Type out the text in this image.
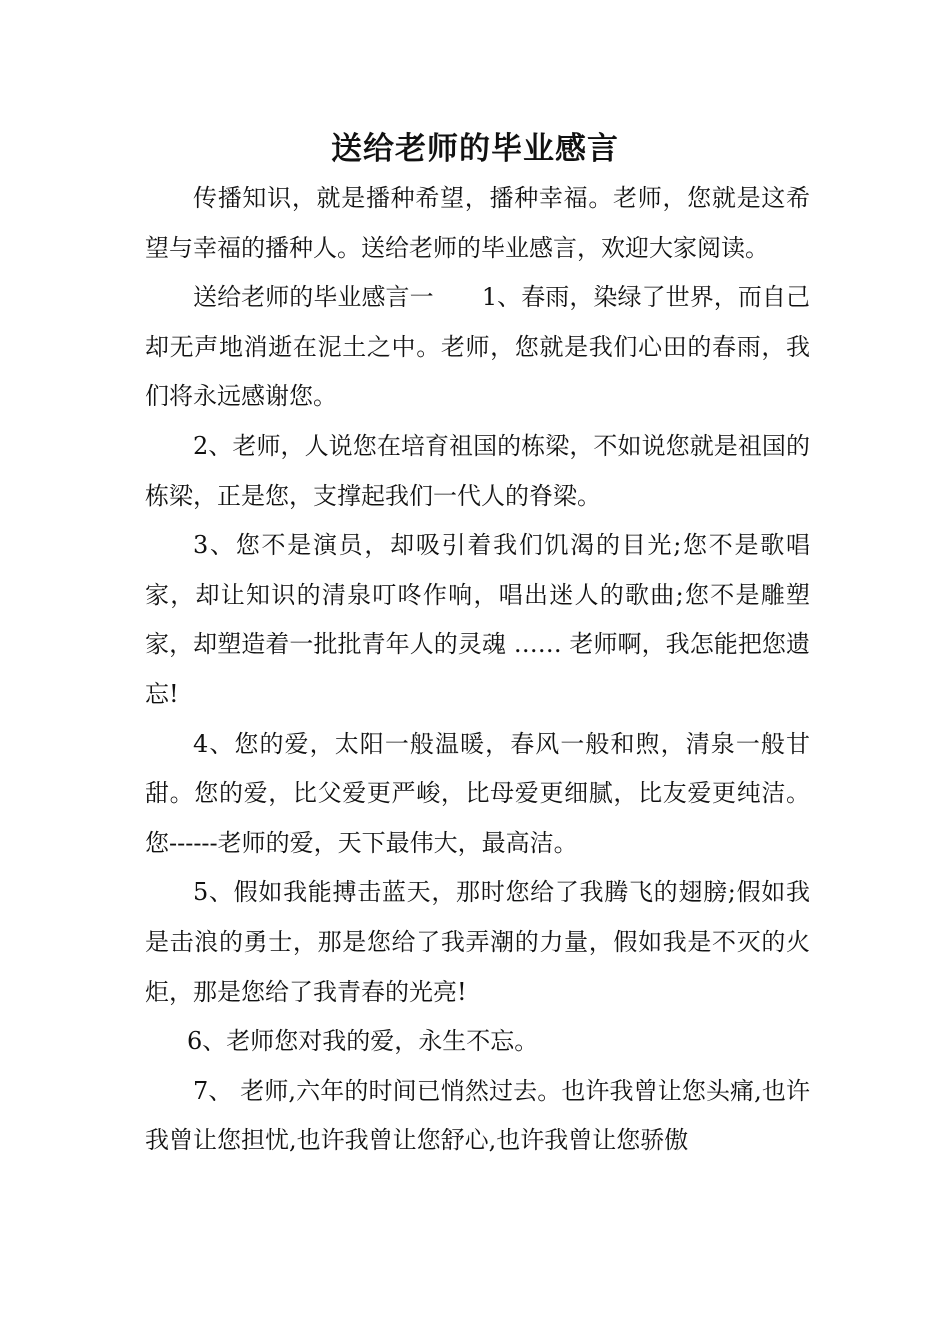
送给老师的毕业感言

传播知识，就是播种希望，播种幸福。老师，您就是这希望与幸福的播种人。送给老师的毕业感言，欢迎大家阅读。

送给老师的毕业感言一　　1、春雨，染绿了世界，而自己却无声地消逝在泥土之中。老师，您就是我们心田的春雨，我们将永远感谢您。

2、老师，人说您在培育祖国的栋梁，不如说您就是祖国的栋梁，正是您，支撑起我们一代人的脊梁。

3、您不是演员，却吸引着我们饥渴的目光;您不是歌唱家，却让知识的清泉叮咚作响，唱出迷人的歌曲;您不是雕塑家，却塑造着一批批青年人的灵魂 …… 老师啊，我怎能把您遗忘!

4、您的爱，太阳一般温暖，春风一般和煦，清泉一般甘甜。您的爱，比父爱更严峻，比母爱更细腻，比友爱更纯洁。您------老师的爱，天下最伟大，最高洁。

5、假如我能搏击蓝天，那时您给了我腾飞的翅膀;假如我是击浪的勇士，那是您给了我弄潮的力量，假如我是不灭的火炬，那是您给了我青春的光亮!

6、老师您对我的爱，永生不忘。

7、 老师,六年的时间已悄然过去。也许我曾让您头痛,也许我曾让您担忧,也许我曾让您舒心,也许我曾让您骄傲
